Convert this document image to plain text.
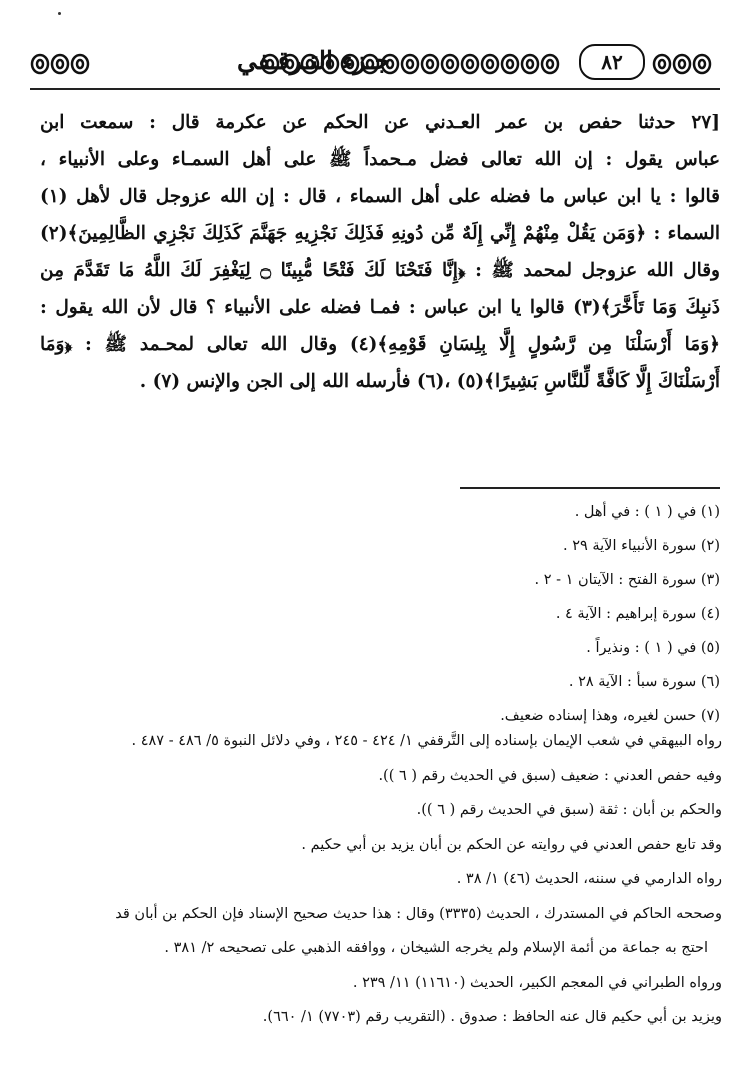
جـزء التـرقـفي	٨٢
[٢٧ حدثنا حفص بن عمر العـدني عن الحكم عن عكرمة قال : سمعت ابن
عباس يقول : إن الله تعالى فضل مـحمداً ﷺ على أهل السمـاء وعلى الأنبياء ،
قالوا : يا ابن عباس ما فضله على أهل السماء ، قال : إن الله عزوجل قال لأهل (١)
السماء : ﴿وَمَن يَقُلْ مِنْهُمْ إِنِّي إِلَهٌ مِّن دُونِهِ فَذَلِكَ نَجْزِيهِ جَهَنَّمَ كَذَلِكَ نَجْزِي الظَّالِمِينَ﴾(٢)
وقال الله عزوجل لمحمد ﷺ : ﴿إِنَّا فَتَحْنَا لَكَ فَتْحًا مُّبِينًا ۝ لِيَغْفِرَ لَكَ اللَّهُ مَا تَقَدَّمَ مِن
ذَنبِكَ وَمَا تَأَخَّرَ﴾(٣) قالوا يا ابن عباس : فمـا فضله على الأنبياء ؟ قال لأن الله يقول :
﴿وَمَا أَرْسَلْنَا مِن رَّسُولٍ إِلَّا بِلِسَانِ قَوْمِهِ﴾(٤) وقال الله تعالى لمحـمد ﷺ : ﴿وَمَا
أَرْسَلْنَاكَ إِلَّا كَافَّةً لِّلنَّاسِ بَشِيرًا﴾(٥) ،(٦) فأرسله الله إلى الجن والإنس (٧) .
(١) في ( ١ ) : في أهل .
(٢) سورة الأنبياء الآية ٢٩ .
(٣) سورة الفتح : الآيتان ١ - ٢ .
(٤) سورة إبراهيم : الآية ٤ .
(٥) في ( ١ ) : ونذيراً .
(٦) سورة سبأ : الآية ٢٨ .
(٧) حسن لغيره، وهذا إسناده ضعيف.
رواه البيهقي في شعب الإيمان بإسناده إلى التَّرقفي ١/ ٤٢٤ - ٢٤٥ ، وفي دلائل النبوة ٥/ ٤٨٦ - ٤٨٧ .
وفيه حفص العدني : ضعيف (سبق في الحديث رقم ( ٦ )).
والحكم بن أبان : ثقة (سبق في الحديث رقم ( ٦ )).
وقد تابع حفص العدني في روايته عن الحكم بن أبان يزيد بن أبي حكيم .
رواه الدارمي في سننه، الحديث (٤٦) ١/ ٣٨ .
وصححه الحاكم في المستدرك ، الحديث (٣٣٣٥) وقال : هذا حديث صحيح الإسناد فإن الحكم بن أبان قد
احتج به جماعة من أئمة الإسلام ولم يخرجه الشيخان ، ووافقه الذهبي على تصحيحه ٢/ ٣٨١ .
ورواه الطبراني في المعجم الكبير، الحديث (١١٦١٠) ١١/ ٢٣٩ .
ويزيد بن أبي حكيم قال عنه الحافظ : صدوق . (التقريب رقم (٧٧٠٣) ١/ ٦٦٠).
